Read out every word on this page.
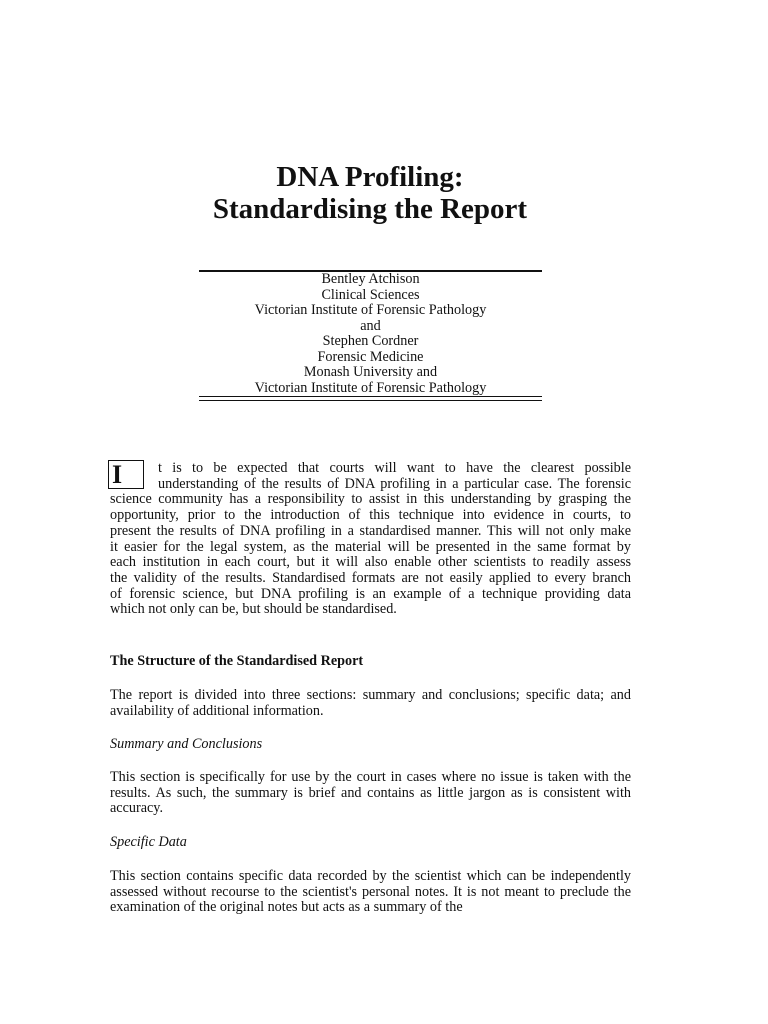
DNA Profiling:
Standardising the Report
Bentley Atchison
Clinical Sciences
Victorian Institute of Forensic Pathology
and
Stephen Cordner
Forensic Medicine
Monash University and
Victorian Institute of Forensic Pathology
I	t is to be expected that courts will want to have the clearest possible
understanding of the results of DNA profiling in a particular case. The forensic
science community has a responsibility to assist in this understanding by grasping the
opportunity, prior to the introduction of this technique into evidence in courts, to
present the results of DNA profiling in a standardised manner. This will not only make
it easier for the legal system, as the material will be presented in the same format by
each institution in each court, but it will also enable other scientists to readily assess
the validity of the results. Standardised formats are not easily applied to every branch
of forensic science, but DNA profiling is an example of a technique providing data
which not only can be, but should be standardised.
The Structure of the Standardised Report
The report is divided into three sections: summary and conclusions; specific data; and availability of additional information.
Summary and Conclusions
This section is specifically for use by the court in cases where no issue is taken with the results. As such, the summary is brief and contains as little jargon as is consistent with accuracy.
Specific Data
This section contains specific data recorded by the scientist which can be independently assessed without recourse to the scientist's personal notes. It is not meant to preclude the examination of the original notes but acts as a summary of the
